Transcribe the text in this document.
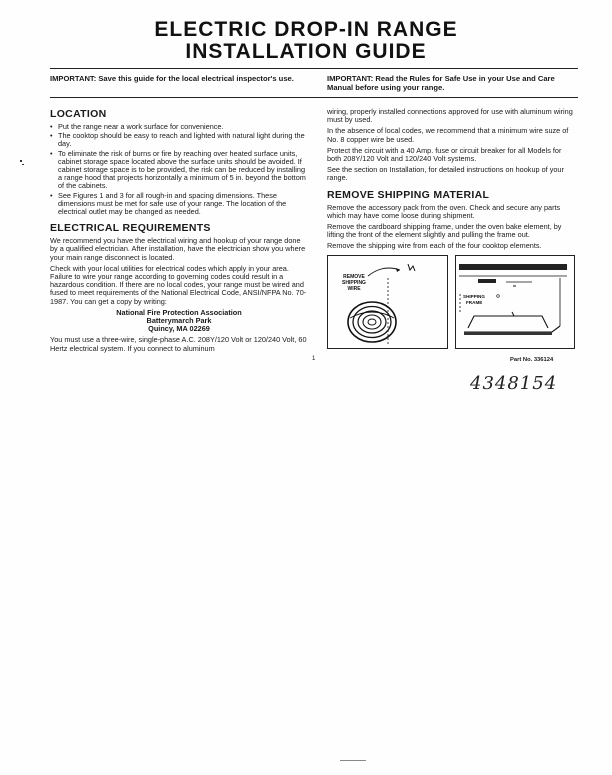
ELECTRIC DROP-IN RANGE
INSTALLATION GUIDE
IMPORTANT: Save this guide for the local electrical inspector's use.	IMPORTANT: Read the Rules for Safe Use in your Use and Care Manual before using your range.
LOCATION
• Put the range near a work surface for convenience.
• The cooktop should be easy to reach and lighted with natural light during the day.
• To eliminate the risk of burns or fire by reaching over heated surface units, cabinet storage space located above the surface units should be avoided. If cabinet storage space is to be provided, the risk can be reduced by installing a range hood that projects horizontally a minimum of 5 in. beyond the bottom of the cabinets.
• See Figures 1 and 3 for all rough-in and spacing dimensions. These dimensions must be met for safe use of your range. The location of the electrical outlet may be changed as needed.
ELECTRICAL REQUIREMENTS

We recommend you have the electrical wiring and hookup of your range done by a qualified electrician. After installation, have the electrician show you where your main range disconnect is located.

Check with your local utilities for electrical codes which apply in your area. Failure to wire your range according to governing codes could result in a hazardous condition. If there are no local codes, your range must be wired and fused to meet requirements of the National Electrical Code, ANSI/NFPA No. 70-1987. You can get a copy by writing:

National Fire Protection Association
Batterymarch Park
Quincy, MA 02269

You must use a three-wire, single-phase A.C. 208Y/120 Volt or 120/240 Volt, 60 Hertz electrical system. If you connect to aluminum

wiring, properly installed connections approved for use with aluminum wiring must by used.

In the absence of local codes, we recommend that a minimum wire suze of No. 8 copper wire be used.

Protect the circuit with a 40 Amp. fuse or circuit breaker for all Models for both 208Y/120 Volt and 120/240 Volt systems.

See the section on Installation, for detailed instructions on hookup of your range.

REMOVE SHIPPING MATERIAL

Remove the accessory pack from the oven. Check and secure any parts which may have come loose during shipment.

Remove the cardboard shipping frame, under the oven bake element, by lifting the front of the element slightly and pulling the frame out.

Remove the shipping wire from each of the four cooktop elements.

REMOVE
SHIPPING
WIRE
SHIPPING
FRAME
1	Part No. 336124
4348154
